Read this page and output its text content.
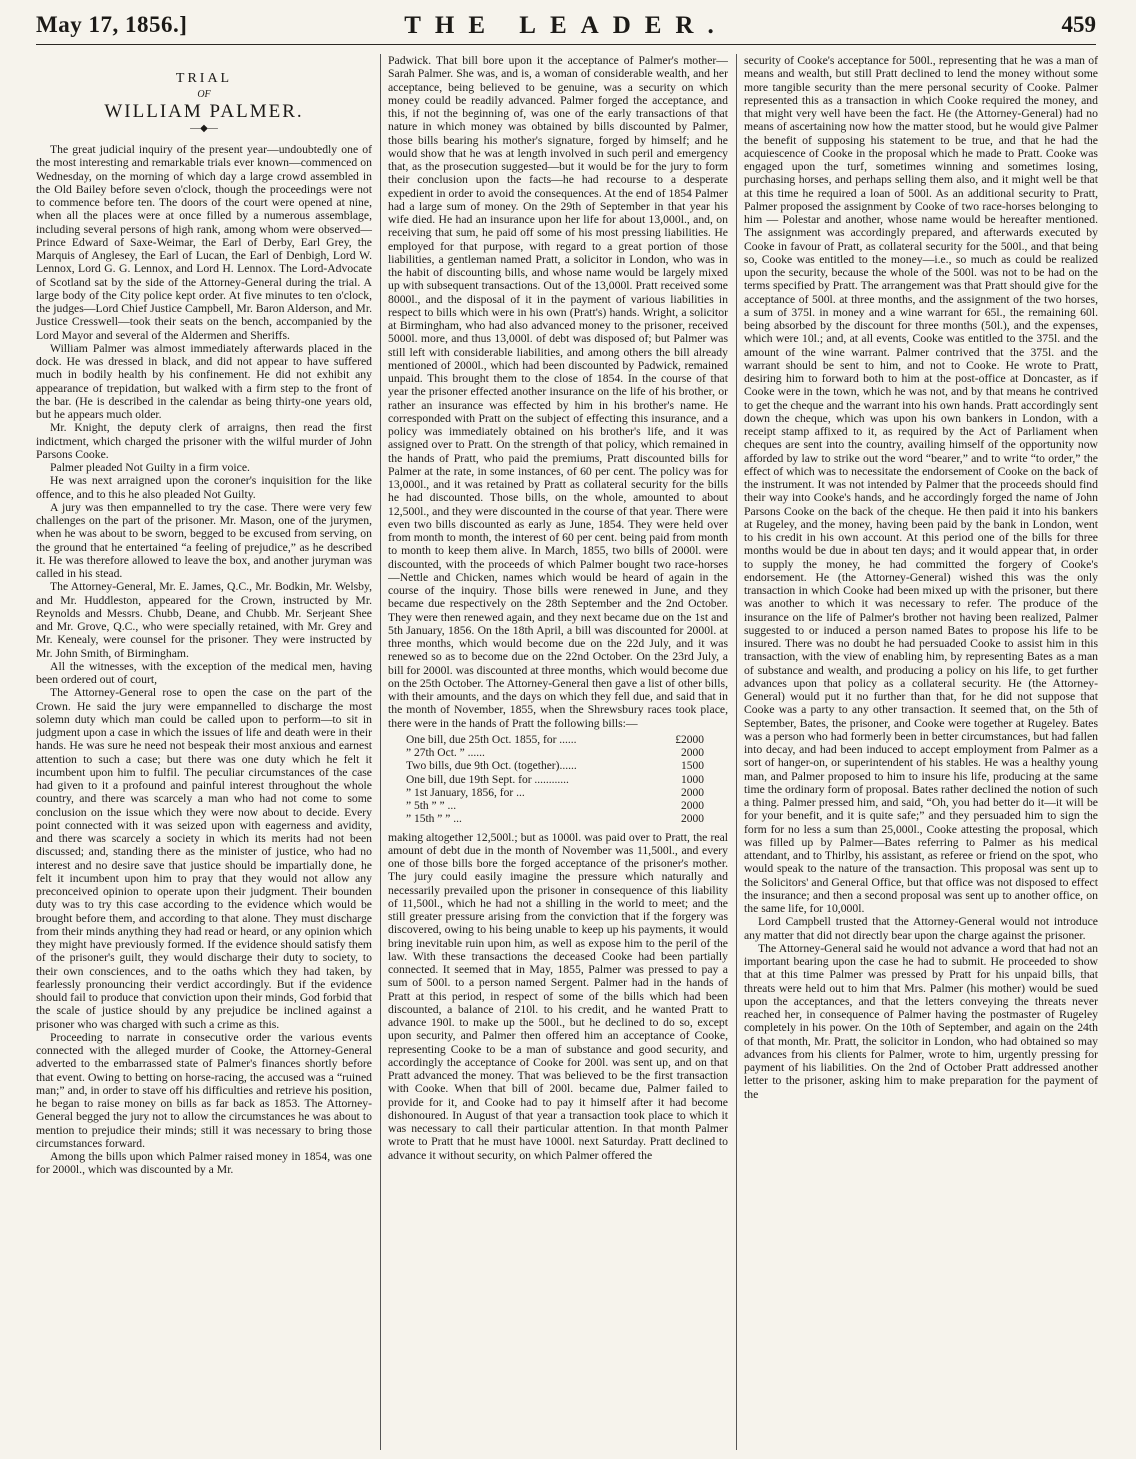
May 17, 1856.]	THE LEADER.	459
TRIAL
OF
WILLIAM PALMER.
—◆—

The great judicial inquiry of the present year—undoubtedly one of the most interesting and remarkable trials ever known—commenced on Wednesday, on the morning of which day a large crowd assembled in the Old Bailey before seven o'clock, though the proceedings were not to commence before ten. The doors of the court were opened at nine, when all the places were at once filled by a numerous assemblage, including several persons of high rank, among whom were observed—Prince Edward of Saxe-Weimar, the Earl of Derby, Earl Grey, the Marquis of Anglesey, the Earl of Lucan, the Earl of Denbigh, Lord W. Lennox, Lord G. G. Lennox, and Lord H. Lennox. The Lord-Advocate of Scotland sat by the side of the Attorney-General during the trial. A large body of the City police kept order. At five minutes to ten o'clock, the judges—Lord Chief Justice Campbell, Mr. Baron Alderson, and Mr. Justice Cresswell—took their seats on the bench, accompanied by the Lord Mayor and several of the Aldermen and Sheriffs.

William Palmer was almost immediately afterwards placed in the dock. He was dressed in black, and did not appear to have suffered much in bodily health by his confinement. He did not exhibit any appearance of trepidation, but walked with a firm step to the front of the bar. (He is described in the calendar as being thirty-one years old, but he appears much older.

Mr. Knight, the deputy clerk of arraigns, then read the first indictment, which charged the prisoner with the wilful murder of John Parsons Cooke.

Palmer pleaded Not Guilty in a firm voice.

He was next arraigned upon the coroner's inquisition for the like offence, and to this he also pleaded Not Guilty.

A jury was then empannelled to try the case. There were very few challenges on the part of the prisoner. Mr. Mason, one of the jurymen, when he was about to be sworn, begged to be excused from serving, on the ground that he entertained “a feeling of prejudice,” as he described it. He was therefore allowed to leave the box, and another juryman was called in his stead.

The Attorney-General, Mr. E. James, Q.C., Mr. Bodkin, Mr. Welsby, and Mr. Huddleston, appeared for the Crown, instructed by Mr. Reynolds and Messrs. Chubb, Deane, and Chubb. Mr. Serjeant Shee and Mr. Grove, Q.C., who were specially retained, with Mr. Grey and Mr. Kenealy, were counsel for the prisoner. They were instructed by Mr. John Smith, of Birmingham.

All the witnesses, with the exception of the medical men, having been ordered out of court,

The Attorney-General rose to open the case on the part of the Crown. He said the jury were empannelled to discharge the most solemn duty which man could be called upon to perform—to sit in judgment upon a case in which the issues of life and death were in their hands. He was sure he need not bespeak their most anxious and earnest attention to such a case; but there was one duty which he felt it incumbent upon him to fulfil. The peculiar circumstances of the case had given to it a profound and painful interest throughout the whole country, and there was scarcely a man who had not come to some conclusion on the issue which they were now about to decide. Every point connected with it was seized upon with eagerness and avidity, and there was scarcely a society in which its merits had not been discussed; and, standing there as the minister of justice, who had no interest and no desire save that justice should be impartially done, he felt it incumbent upon him to pray that they would not allow any preconceived opinion to operate upon their judgment. Their bounden duty was to try this case according to the evidence which would be brought before them, and according to that alone. They must discharge from their minds anything they had read or heard, or any opinion which they might have previously formed. If the evidence should satisfy them of the prisoner's guilt, they would discharge their duty to society, to their own consciences, and to the oaths which they had taken, by fearlessly pronouncing their verdict accordingly. But if the evidence should fail to produce that conviction upon their minds, God forbid that the scale of justice should by any prejudice be inclined against a prisoner who was charged with such a crime as this.

Proceeding to narrate in consecutive order the various events connected with the alleged murder of Cooke, the Attorney-General adverted to the embarrassed state of Palmer's finances shortly before that event. Owing to betting on horse-racing, the accused was a “ruined man;” and, in order to stave off his difficulties and retrieve his position, he began to raise money on bills as far back as 1853. The Attorney-General begged the jury not to allow the circumstances he was about to mention to prejudice their minds; still it was necessary to bring those circumstances forward.

Among the bills upon which Palmer raised money in 1854, was one for 2000l., which was discounted by a Mr.

Padwick. That bill bore upon it the acceptance of Palmer's mother—Sarah Palmer. She was, and is, a woman of considerable wealth, and her acceptance, being believed to be genuine, was a security on which money could be readily advanced. Palmer forged the acceptance, and this, if not the beginning of, was one of the early transactions of that nature in which money was obtained by bills discounted by Palmer, those bills bearing his mother's signature, forged by himself; and he would show that he was at length involved in such peril and emergency that, as the prosecution suggested—but it would be for the jury to form their conclusion upon the facts—he had recourse to a desperate expedient in order to avoid the consequences. At the end of 1854 Palmer had a large sum of money. On the 29th of September in that year his wife died. He had an insurance upon her life for about 13,000l., and, on receiving that sum, he paid off some of his most pressing liabilities. He employed for that purpose, with regard to a great portion of those liabilities, a gentleman named Pratt, a solicitor in London, who was in the habit of discounting bills, and whose name would be largely mixed up with subsequent transactions. Out of the 13,000l. Pratt received some 8000l., and the disposal of it in the payment of various liabilities in respect to bills which were in his own (Pratt's) hands. Wright, a solicitor at Birmingham, who had also advanced money to the prisoner, received 5000l. more, and thus 13,000l. of debt was disposed of; but Palmer was still left with considerable liabilities, and among others the bill already mentioned of 2000l., which had been discounted by Padwick, remained unpaid. This brought them to the close of 1854. In the course of that year the prisoner effected another insurance on the life of his brother, or rather an insurance was effected by him in his brother's name. He corresponded with Pratt on the subject of effecting this insurance, and a policy was immediately obtained on his brother's life, and it was assigned over to Pratt. On the strength of that policy, which remained in the hands of Pratt, who paid the premiums, Pratt discounted bills for Palmer at the rate, in some instances, of 60 per cent. The policy was for 13,000l., and it was retained by Pratt as collateral security for the bills he had discounted. Those bills, on the whole, amounted to about 12,500l., and they were discounted in the course of that year. There were even two bills discounted as early as June, 1854. They were held over from month to month, the interest of 60 per cent. being paid from month to month to keep them alive. In March, 1855, two bills of 2000l. were discounted, with the proceeds of which Palmer bought two race-horses—Nettle and Chicken, names which would be heard of again in the course of the inquiry. Those bills were renewed in June, and they became due respectively on the 28th September and the 2nd October. They were then renewed again, and they next became due on the 1st and 5th January, 1856. On the 18th April, a bill was discounted for 2000l. at three months, which would become due on the 22d July, and it was renewed so as to become due on the 22nd October. On the 23rd July, a bill for 2000l. was discounted at three months, which would become due on the 25th October. The Attorney-General then gave a list of other bills, with their amounts, and the days on which they fell due, and said that in the month of November, 1855, when the Shrewsbury races took place, there were in the hands of Pratt the following bills:—

One bill, due 25th Oct. 1855, for ......	£2000
” 27th Oct. ” ......	2000
Two bills, due 9th Oct. (together)......	1500
One bill, due 19th Sept. for ............	1000
” 1st January, 1856, for ...	2000
” 5th ” ” ...	2000
” 15th ” ” ...	2000

making altogether 12,500l.; but as 1000l. was paid over to Pratt, the real amount of debt due in the month of November was 11,500l., and every one of those bills bore the forged acceptance of the prisoner's mother. The jury could easily imagine the pressure which naturally and necessarily prevailed upon the prisoner in consequence of this liability of 11,500l., which he had not a shilling in the world to meet; and the still greater pressure arising from the conviction that if the forgery was discovered, owing to his being unable to keep up his payments, it would bring inevitable ruin upon him, as well as expose him to the peril of the law. With these transactions the deceased Cooke had been partially connected. It seemed that in May, 1855, Palmer was pressed to pay a sum of 500l. to a person named Sergent. Palmer had in the hands of Pratt at this period, in respect of some of the bills which had been discounted, a balance of 210l. to his credit, and he wanted Pratt to advance 190l. to make up the 500l., but he declined to do so, except upon security, and Palmer then offered him an acceptance of Cooke, representing Cooke to be a man of substance and good security, and accordingly the acceptance of Cooke for 200l. was sent up, and on that Pratt advanced the money. That was believed to be the first transaction with Cooke. When that bill of 200l. became due, Palmer failed to provide for it, and Cooke had to pay it himself after it had become dishonoured. In August of that year a transaction took place to which it was necessary to call their particular attention. In that month Palmer wrote to Pratt that he must have 1000l. next Saturday. Pratt declined to advance it without security, on which Palmer offered the

security of Cooke's acceptance for 500l., representing that he was a man of means and wealth, but still Pratt declined to lend the money without some more tangible security than the mere personal security of Cooke. Palmer represented this as a transaction in which Cooke required the money, and that might very well have been the fact. He (the Attorney-General) had no means of ascertaining now how the matter stood, but he would give Palmer the benefit of supposing his statement to be true, and that he had the acquiescence of Cooke in the proposal which he made to Pratt. Cooke was engaged upon the turf, sometimes winning and sometimes losing, purchasing horses, and perhaps selling them also, and it might well be that at this time he required a loan of 500l. As an additional security to Pratt, Palmer proposed the assignment by Cooke of two race-horses belonging to him — Polestar and another, whose name would be hereafter mentioned. The assignment was accordingly prepared, and afterwards executed by Cooke in favour of Pratt, as collateral security for the 500l., and that being so, Cooke was entitled to the money—i.e., so much as could be realized upon the security, because the whole of the 500l. was not to be had on the terms specified by Pratt. The arrangement was that Pratt should give for the acceptance of 500l. at three months, and the assignment of the two horses, a sum of 375l. in money and a wine warrant for 65l., the remaining 60l. being absorbed by the discount for three months (50l.), and the expenses, which were 10l.; and, at all events, Cooke was entitled to the 375l. and the amount of the wine warrant. Palmer contrived that the 375l. and the warrant should be sent to him, and not to Cooke. He wrote to Pratt, desiring him to forward both to him at the post-office at Doncaster, as if Cooke were in the town, which he was not, and by that means he contrived to get the cheque and the warrant into his own hands. Pratt accordingly sent down the cheque, which was upon his own bankers in London, with a receipt stamp affixed to it, as required by the Act of Parliament when cheques are sent into the country, availing himself of the opportunity now afforded by law to strike out the word “bearer,” and to write “to order,” the effect of which was to necessitate the endorsement of Cooke on the back of the instrument. It was not intended by Palmer that the proceeds should find their way into Cooke's hands, and he accordingly forged the name of John Parsons Cooke on the back of the cheque. He then paid it into his bankers at Rugeley, and the money, having been paid by the bank in London, went to his credit in his own account. At this period one of the bills for three months would be due in about ten days; and it would appear that, in order to supply the money, he had committed the forgery of Cooke's endorsement. He (the Attorney-General) wished this was the only transaction in which Cooke had been mixed up with the prisoner, but there was another to which it was necessary to refer. The produce of the insurance on the life of Palmer's brother not having been realized, Palmer suggested to or induced a person named Bates to propose his life to be insured. There was no doubt he had persuaded Cooke to assist him in this transaction, with the view of enabling him, by representing Bates as a man of substance and wealth, and producing a policy on his life, to get further advances upon that policy as a collateral security. He (the Attorney-General) would put it no further than that, for he did not suppose that Cooke was a party to any other transaction. It seemed that, on the 5th of September, Bates, the prisoner, and Cooke were together at Rugeley. Bates was a person who had formerly been in better circumstances, but had fallen into decay, and had been induced to accept employment from Palmer as a sort of hanger-on, or superintendent of his stables. He was a healthy young man, and Palmer proposed to him to insure his life, producing at the same time the ordinary form of proposal. Bates rather declined the notion of such a thing. Palmer pressed him, and said, “Oh, you had better do it—it will be for your benefit, and it is quite safe;” and they persuaded him to sign the form for no less a sum than 25,000l., Cooke attesting the proposal, which was filled up by Palmer—Bates referring to Palmer as his medical attendant, and to Thirlby, his assistant, as referee or friend on the spot, who would speak to the nature of the transaction. This proposal was sent up to the Solicitors' and General Office, but that office was not disposed to effect the insurance; and then a second proposal was sent up to another office, on the same life, for 10,000l.

Lord Campbell trusted that the Attorney-General would not introduce any matter that did not directly bear upon the charge against the prisoner.

The Attorney-General said he would not advance a word that had not an important bearing upon the case he had to submit. He proceeded to show that at this time Palmer was pressed by Pratt for his unpaid bills, that threats were held out to him that Mrs. Palmer (his mother) would be sued upon the acceptances, and that the letters conveying the threats never reached her, in consequence of Palmer having the postmaster of Rugeley completely in his power. On the 10th of September, and again on the 24th of that month, Mr. Pratt, the solicitor in London, who had obtained so may advances from his clients for Palmer, wrote to him, urgently pressing for payment of his liabilities. On the 2nd of October Pratt addressed another letter to the prisoner, asking him to make preparation for the payment of the
